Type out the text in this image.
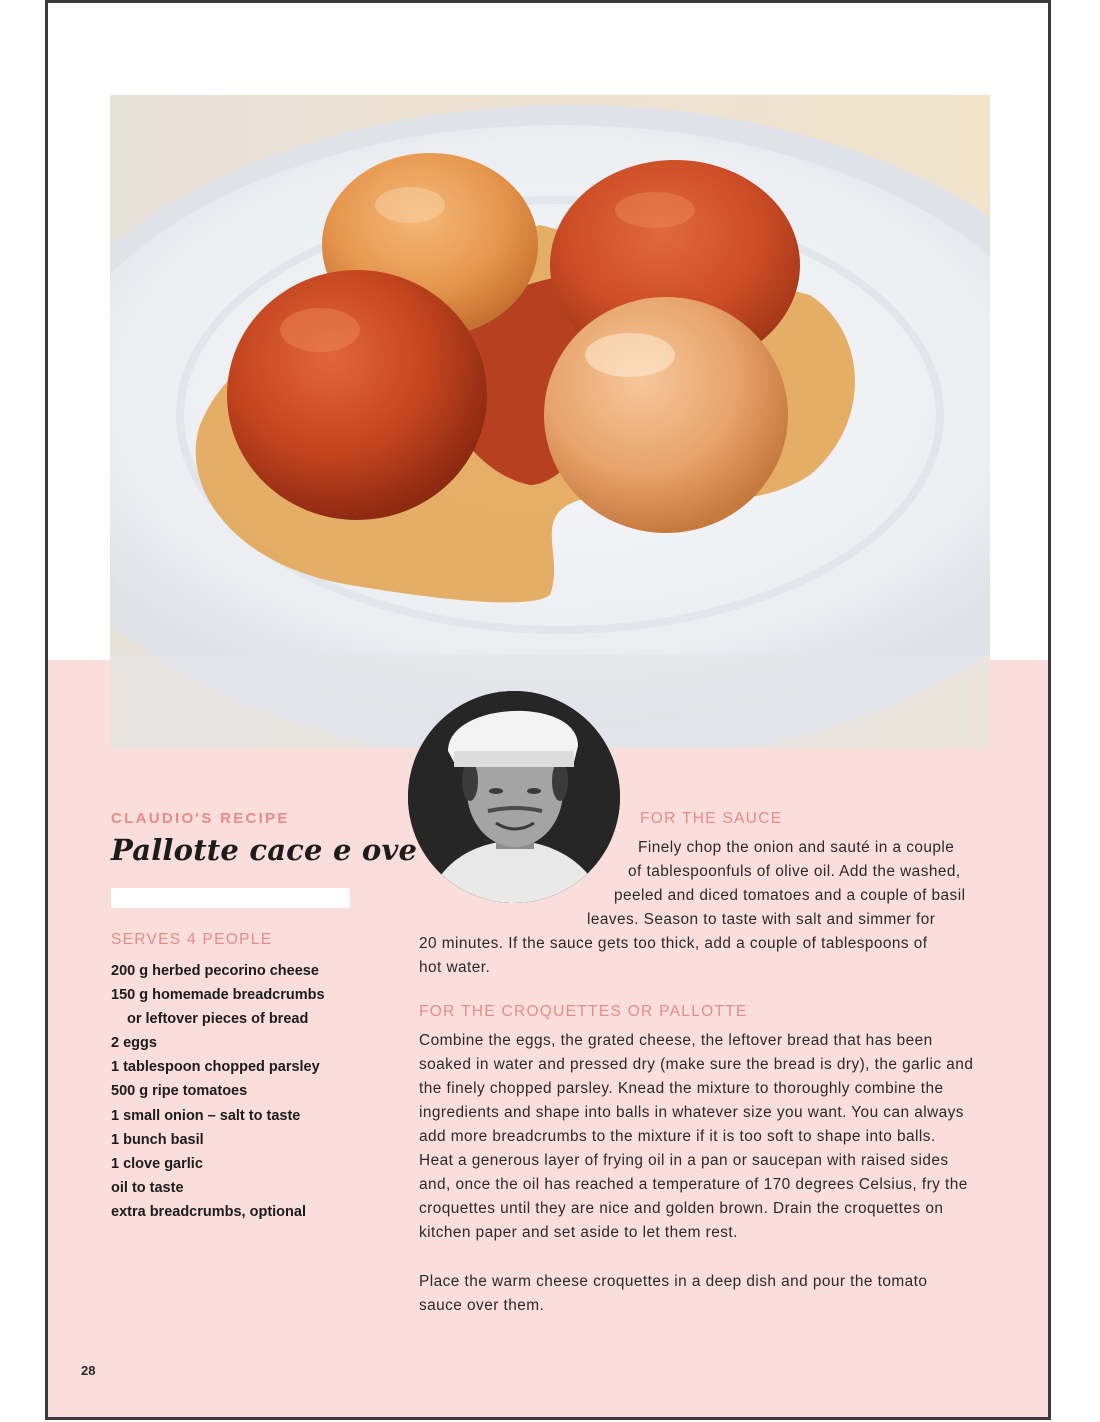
CLAUDIO'S RECIPE
Pallotte cace e ove
SERVES 4 PEOPLE
200 g herbed pecorino cheese
150 g homemade breadcrumbs
or leftover pieces of bread
2 eggs
1 tablespoon chopped parsley
500 g ripe tomatoes
1 small onion – salt to taste
1 bunch basil
1 clove garlic
oil to taste
extra breadcrumbs, optional
FOR THE SAUCE
Finely chop the onion and sauté in a couple
of tablespoonfuls of olive oil. Add the washed,
peeled and diced tomatoes and a couple of basil
leaves. Season to taste with salt and simmer for
20 minutes. If the sauce gets too thick, add a couple of tablespoons of
hot water.
FOR THE CROQUETTES OR PALLOTTE
Combine the eggs, the grated cheese, the leftover bread that has been
soaked in water and pressed dry (make sure the bread is dry), the garlic and
the finely chopped parsley. Knead the mixture to thoroughly combine the
ingredients and shape into balls in whatever size you want. You can always
add more breadcrumbs to the mixture if it is too soft to shape into balls.
Heat a generous layer of frying oil in a pan or saucepan with raised sides
and, once the oil has reached a temperature of 170 degrees Celsius, fry the
croquettes until they are nice and golden brown. Drain the croquettes on
kitchen paper and set aside to let them rest.
Place the warm cheese croquettes in a deep dish and pour the tomato
sauce over them.
28
